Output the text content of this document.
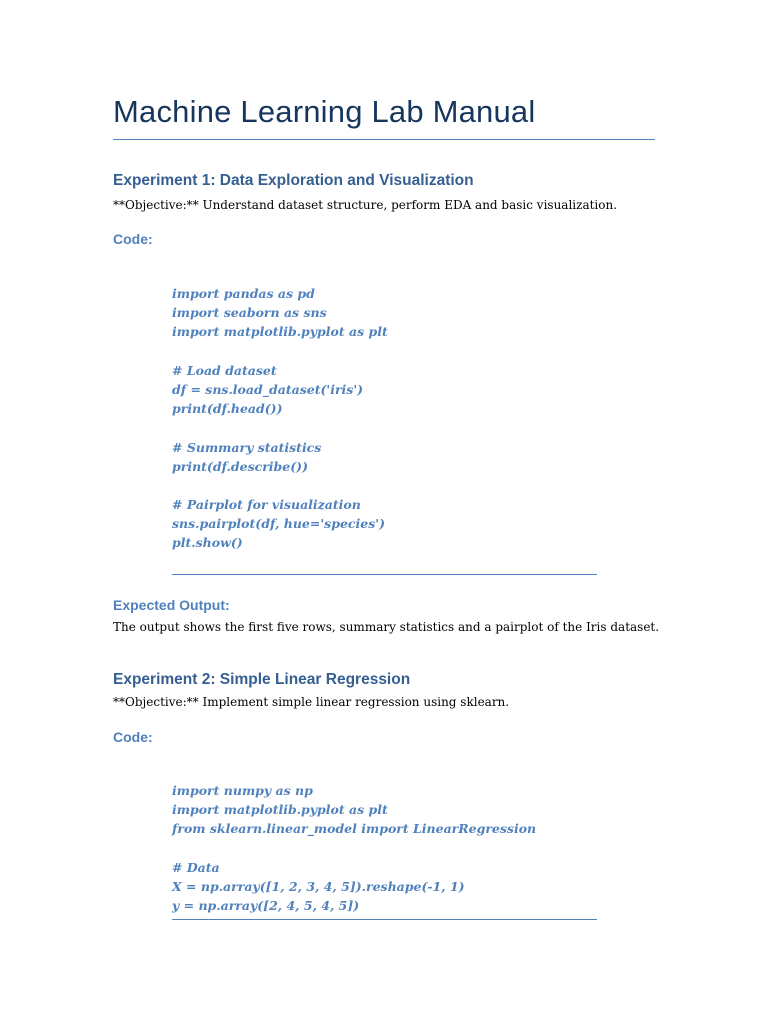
Machine Learning Lab Manual
Experiment 1: Data Exploration and Visualization

**Objective:** Understand dataset structure, perform EDA and basic visualization.

Code:
import pandas as pd
import seaborn as sns
import matplotlib.pyplot as plt
# Load dataset
df = sns.load_dataset('iris')
print(df.head())
# Summary statistics
print(df.describe())
# Pairplot for visualization
sns.pairplot(df, hue='species')
plt.show()
Expected Output:

The output shows the first five rows, summary statistics and a pairplot of the Iris dataset.

Experiment 2: Simple Linear Regression

**Objective:** Implement simple linear regression using sklearn.

Code:
import numpy as np
import matplotlib.pyplot as plt
from sklearn.linear_model import LinearRegression
# Data
X = np.array([1, 2, 3, 4, 5]).reshape(-1, 1)
y = np.array([2, 4, 5, 4, 5])
